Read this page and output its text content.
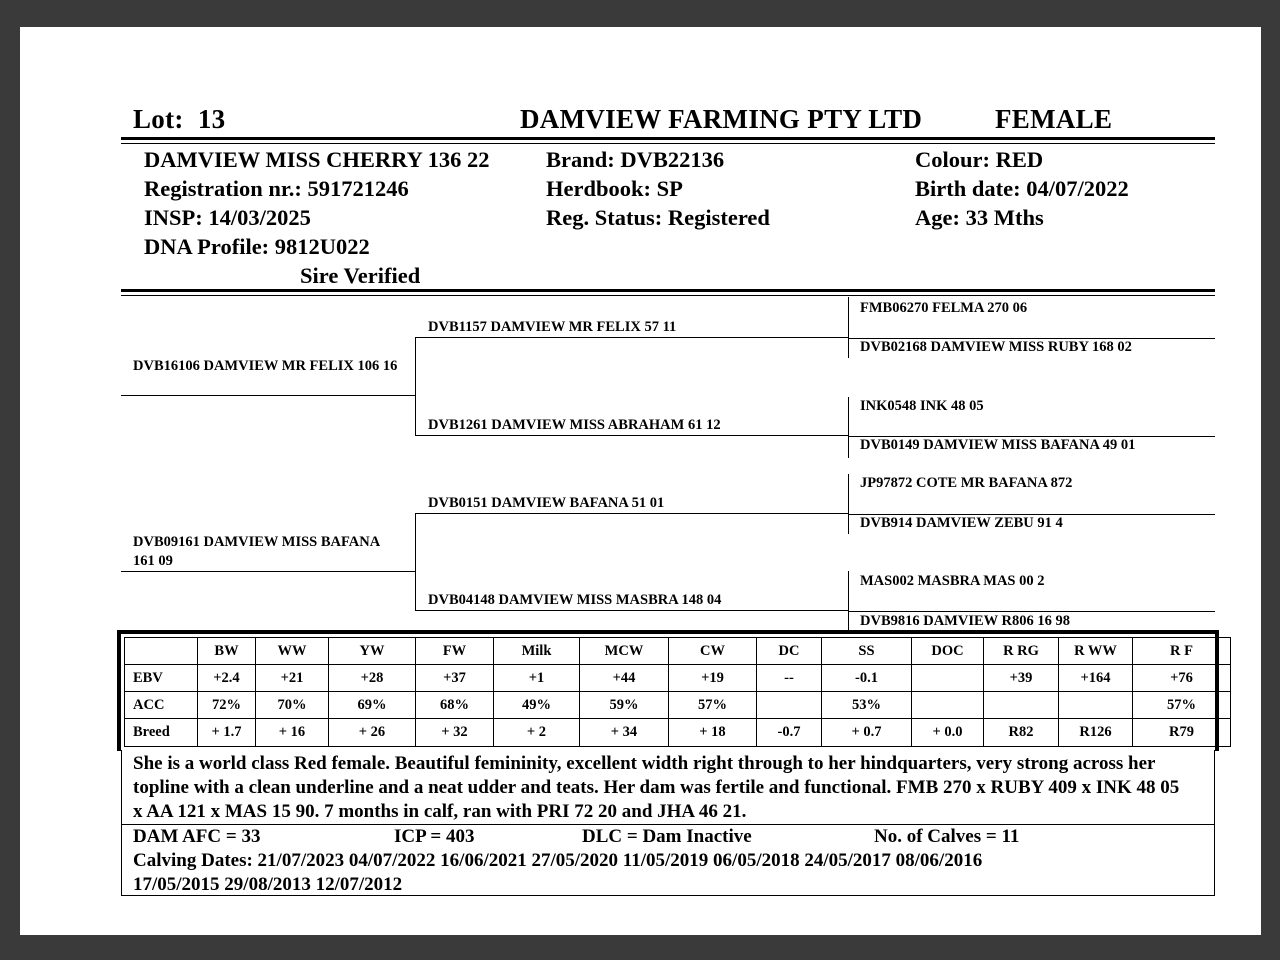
Lot: 13	DAMVIEW FARMING PTY LTD	FEMALE
DAMVIEW MISS CHERRY 136 22
Registration nr.: 591721246
INSP: 14/03/2025
DNA Profile: 9812U022
Sire Verified
Brand: DVB22136
Herdbook: SP
Reg. Status: Registered
Colour: RED
Birth date: 04/07/2022
Age: 33 Mths
DVB16106 DAMVIEW MR FELIX 106 16
DVB09161 DAMVIEW MISS BAFANA 161 09
DVB1157 DAMVIEW MR FELIX 57 11
DVB1261 DAMVIEW MISS ABRAHAM 61 12
DVB0151 DAMVIEW BAFANA 51 01
DVB04148 DAMVIEW MISS MASBRA 148 04
FMB06270 FELMA 270 06
DVB02168 DAMVIEW MISS RUBY 168 02
INK0548 INK 48 05
DVB0149 DAMVIEW MISS BAFANA 49 01
JP97872 COTE MR BAFANA 872
DVB914 DAMVIEW ZEBU 91 4
MAS002 MASBRA MAS 00 2
DVB9816 DAMVIEW R806 16 98
	BW	WW	YW	FW	Milk	MCW	CW	DC	SS	DOC	R RG	R WW	R F
EBV	+2.4	+21	+28	+37	+1	+44	+19	--	-0.1		+39	+164	+76
ACC	72%	70%	69%	68%	49%	59%	57%		53%				57%
Breed	+ 1.7	+ 16	+ 26	+ 32	+ 2	+ 34	+ 18	-0.7	+ 0.7	+ 0.0	R82	R126	R79
She is a world class Red female. Beautiful femininity, excellent width right through to her hindquarters, very strong across her topline with a clean underline and a neat udder and teats. Her dam was fertile and functional. FMB 270 x RUBY 409 x INK 48 05 x AA 121 x MAS 15 90. 7 months in calf, ran with PRI 72 20 and JHA 46 21.
DAM AFC = 33	ICP = 403	DLC = Dam Inactive	No. of Calves = 11
Calving Dates: 21/07/2023 04/07/2022 16/06/2021 27/05/2020 11/05/2019 06/05/2018 24/05/2017 08/06/2016
17/05/2015 29/08/2013 12/07/2012
